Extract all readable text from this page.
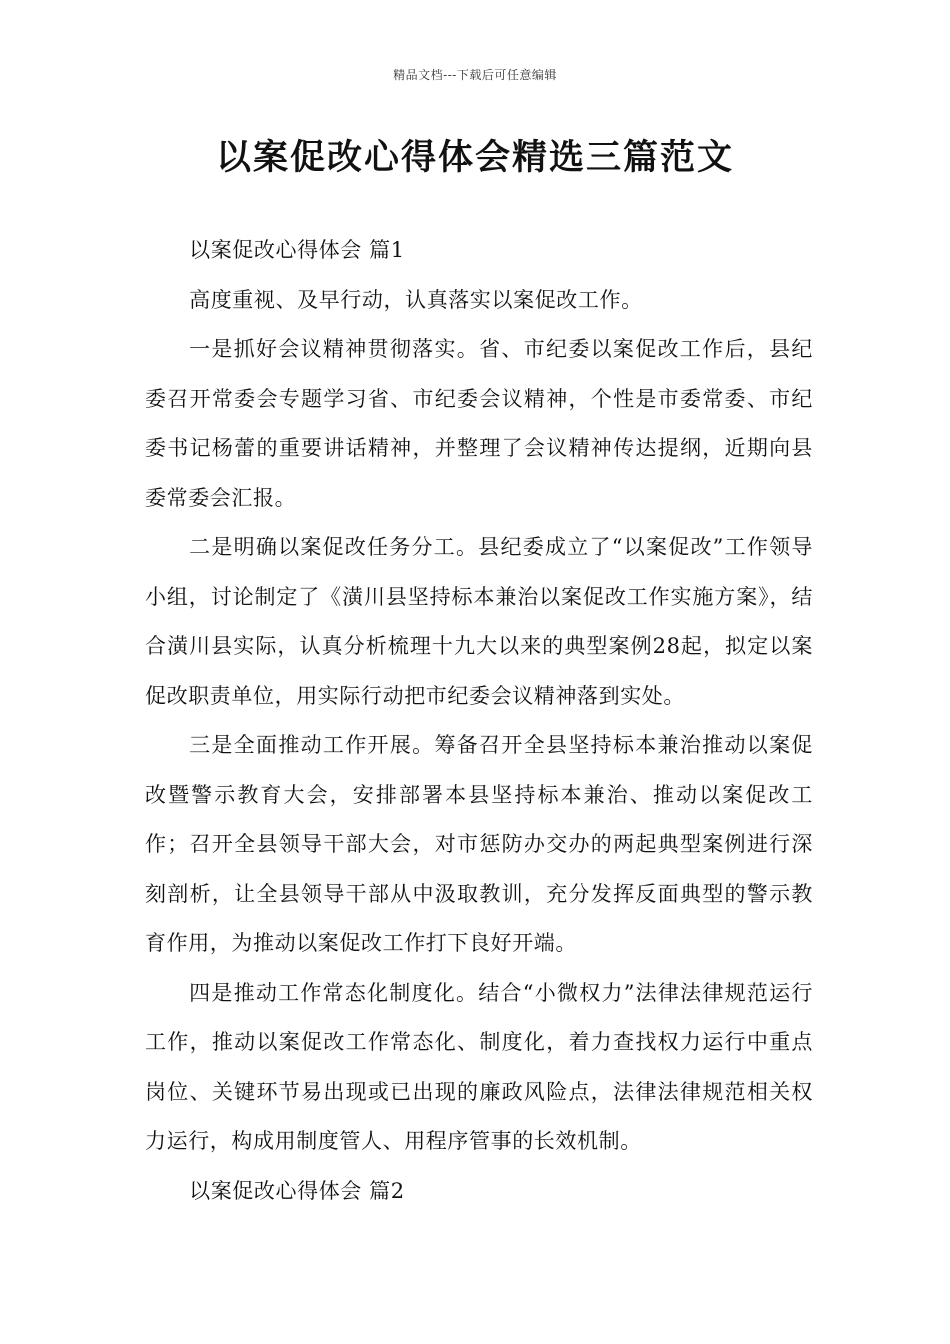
精品文档---下载后可任意编辑
以案促改心得体会精选三篇范文

以案促改心得体会 篇1

高度重视、及早行动，认真落实以案促改工作。

一是抓好会议精神贯彻落实。省、市纪委以案促改工作后，县纪委召开常委会专题学习省、市纪委会议精神，个性是市委常委、市纪委书记杨蕾的重要讲话精神，并整理了会议精神传达提纲，近期向县委常委会汇报。

二是明确以案促改任务分工。县纪委成立了“以案促改”工作领导小组，讨论制定了《潢川县坚持标本兼治以案促改工作实施方案》，结合潢川县实际，认真分析梳理十九大以来的典型案例28起，拟定以案促改职责单位，用实际行动把市纪委会议精神落到实处。

三是全面推动工作开展。筹备召开全县坚持标本兼治推动以案促改暨警示教育大会，安排部署本县坚持标本兼治、推动以案促改工作；召开全县领导干部大会，对市惩防办交办的两起典型案例进行深刻剖析，让全县领导干部从中汲取教训，充分发挥反面典型的警示教育作用，为推动以案促改工作打下良好开端。

四是推动工作常态化制度化。结合“小微权力”法律法律规范运行工作，推动以案促改工作常态化、制度化，着力查找权力运行中重点岗位、关键环节易出现或已出现的廉政风险点，法律法律规范相关权力运行，构成用制度管人、用程序管事的长效机制。

以案促改心得体会 篇2
